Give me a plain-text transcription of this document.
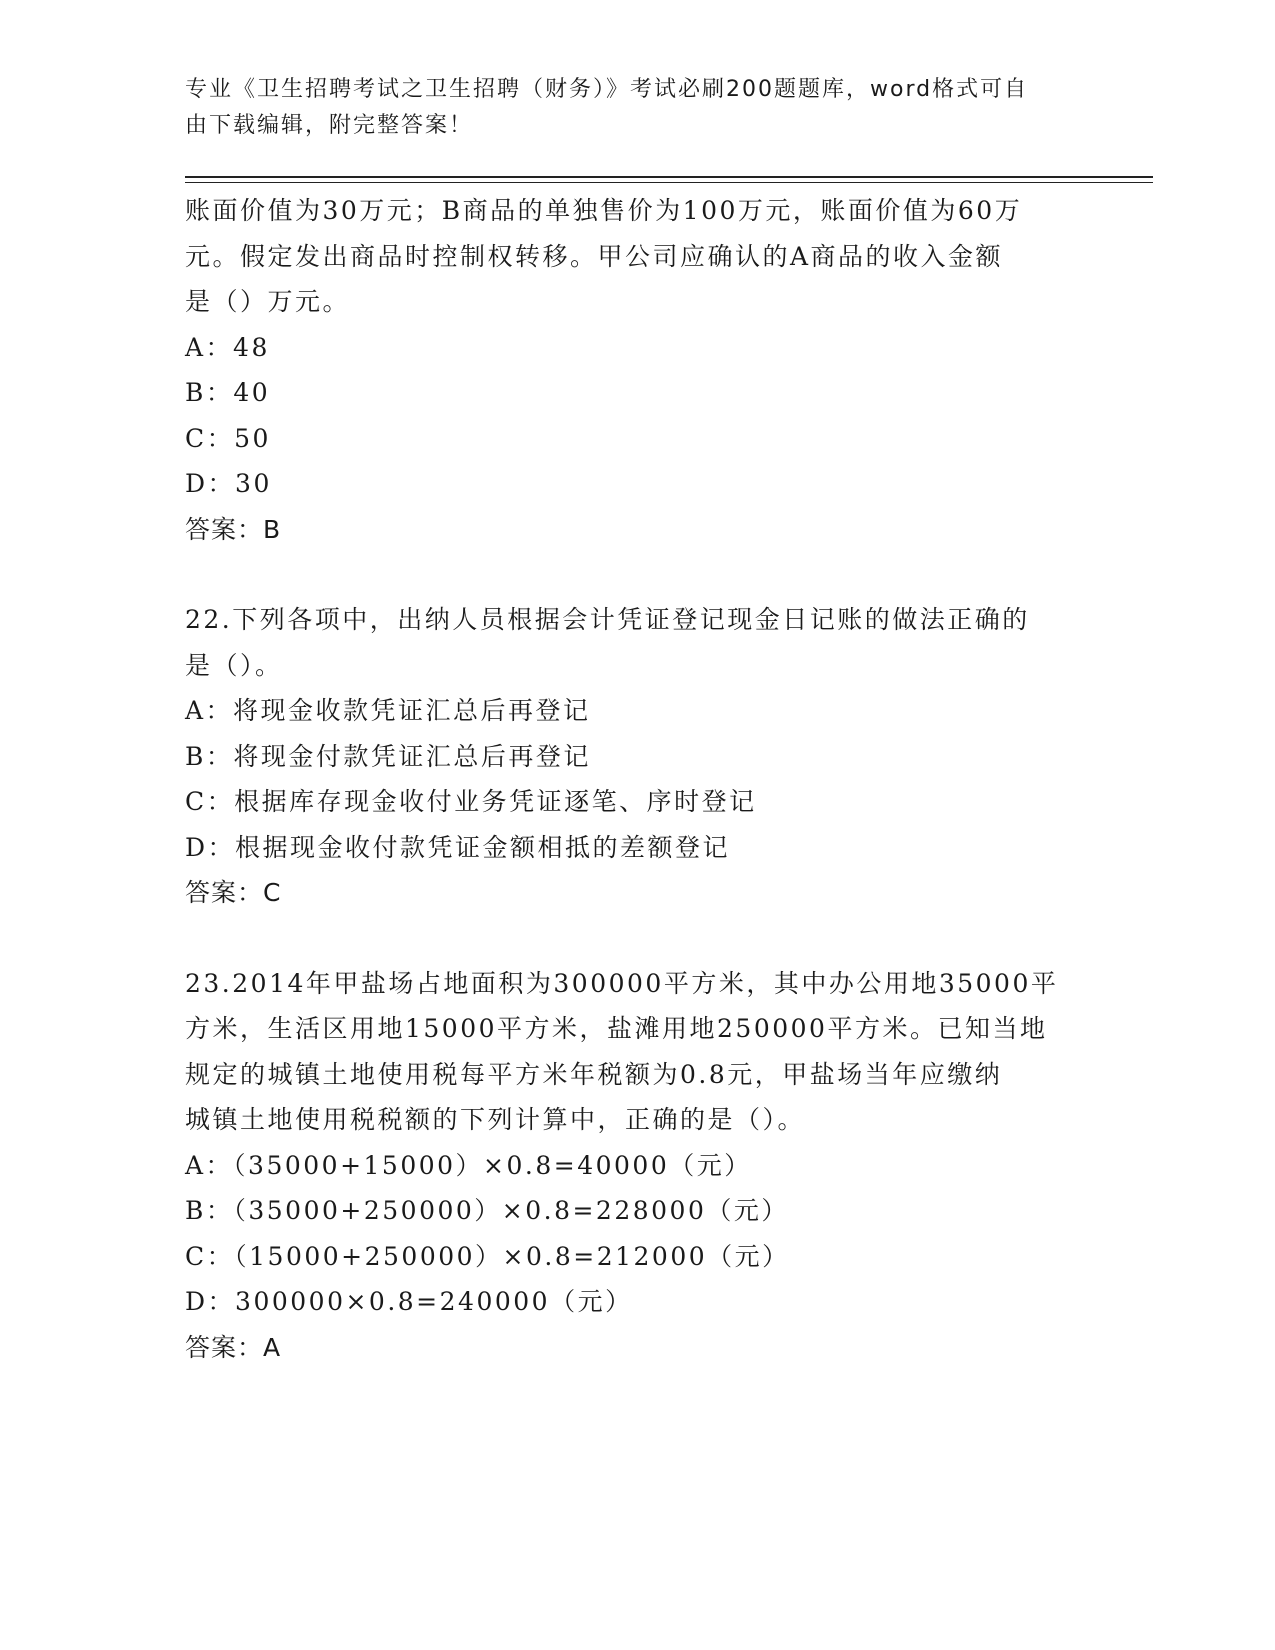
专业《卫生招聘考试之卫生招聘（财务）》考试必刷200题题库，word格式可自
由下载编辑，附完整答案！
账面价值为30万元；B商品的单独售价为100万元，账面价值为60万
元。假定发出商品时控制权转移。甲公司应确认的A商品的收入金额
是（）万元。
A：48
B：40
C：50
D：30
答案：B
22.下列各项中，出纳人员根据会计凭证登记现金日记账的做法正确的
是（）。
A：将现金收款凭证汇总后再登记
B：将现金付款凭证汇总后再登记
C：根据库存现金收付业务凭证逐笔、序时登记
D：根据现金收付款凭证金额相抵的差额登记
答案：C
23.2014年甲盐场占地面积为300000平方米，其中办公用地35000平
方米，生活区用地15000平方米，盐滩用地250000平方米。已知当地
规定的城镇土地使用税每平方米年税额为0.8元，甲盐场当年应缴纳
城镇土地使用税税额的下列计算中，正确的是（）。
A：（35000+15000）×0.8=40000（元）
B：（35000+250000）×0.8=228000（元）
C：（15000+250000）×0.8=212000（元）
D：300000×0.8=240000（元）
答案：A
